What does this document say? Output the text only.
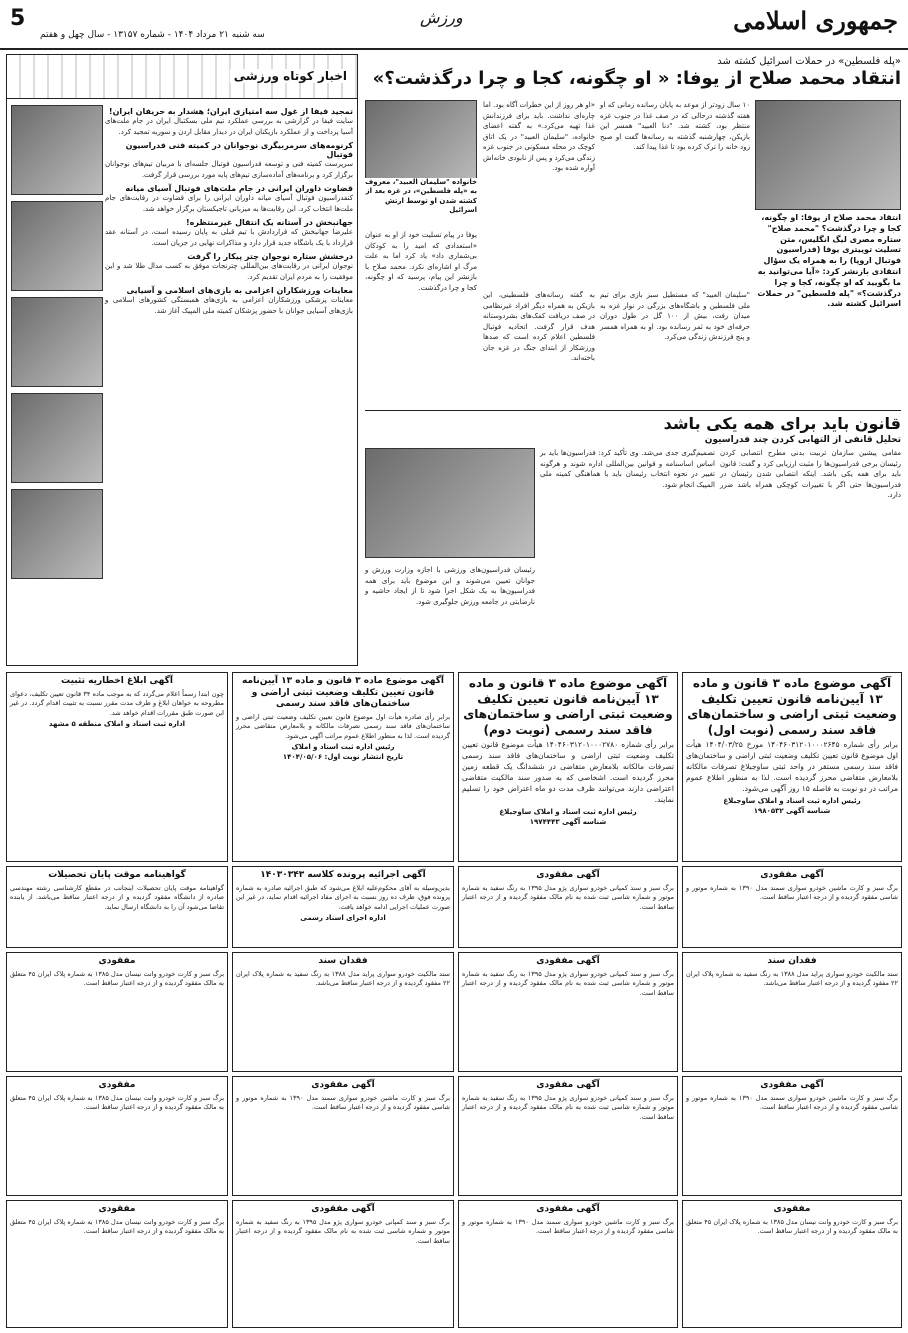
جمهوری اسلامی
ورزش
5
سه شنبه ۲۱ مرداد ۱۴۰۴ - شماره ۱۳۱۵۷ - سال چهل و هفتم
«پله فلسطین» در حملات اسرائیل کشته شد
انتقاد محمد صلاح از یوفا: « او چگونه، کجا و چرا درگذشت؟»
انتقاد محمد صلاح از یوفا: او چگونه، کجا و چرا درگذشت؟ "محمد صلاح" ستاره مصری لیگ انگلیس، متن تسلیت توییتری یوفا (فدراسیون فوتبال اروپا) را به همراه یک سؤال انتقادی بازنشر کرد: «آیا می‌توانید به ما بگویید که او چگونه، کجا و چرا درگذشت؟» "پله فلسطین" در حملات اسرائیل کشته شد.
۱۰ سال زودتر از موعد به پایان رسانده زمانی که او هفته گذشته درحالی که در صف غذا در جنوب غزه منتظر بود، کشته شد. "دنا العبید" همسر این بازیکن، چهارشنبه گذشته به رسانه‌ها گفت او صبح زود خانه را ترک کرده بود تا غذا پیدا کند.
«او هر روز از این خطرات آگاه بود. اما چاره‌ای نداشت. باید برای فرزندانش غذا تهیه می‌کرد.» به گفته اعضای خانواده، "سلیمان العبید" در یک اتاق کوچک در محله مسکونی در جنوب غزه زندگی می‌کرد و پس از نابودی خانه‌اش آواره شده بود.
"سلیمان العبید" که مستطیل سبز بازی برای تیم ملی فلسطین و باشگاه‌های بزرگی در نوار غزه به میدان رفت، بیش از ۱۰۰ گل در طول دوران حرفه‌ای خود به ثمر رسانده بود. او به همراه همسر و پنج فرزندش زندگی می‌کرد.
به گفته رسانه‌های فلسطینی، این بازیکن به همراه دیگر افراد غیرنظامی در صف دریافت کمک‌های بشردوستانه هدف قرار گرفت. اتحادیه فوتبال فلسطین اعلام کرده است که صدها ورزشکار از ابتدای جنگ در غزه جان باخته‌اند.
یوفا در پیام تسلیت خود از او به عنوان «استعدادی که امید را به کودکان بی‌شماری داد» یاد کرد اما به علت مرگ او اشاره‌ای نکرد. محمد صلاح با بازنشر این پیام، پرسید که او چگونه، کجا و چرا درگذشت.
خانواده "سلیمان العبید"، معروف به «پله فلسطین»، در غزه بعد از کشته شدن او توسط ارتش اسرائیل
قانون باید برای همه یکی باشد
تحلیل قانفی از التهابی کردن چند فدراسیون
مقامی پیشین سازمان تربیت بدنی مطرح انتصابی کردن رئیسان برخی فدراسیون‌ها را مثبت ارزیابی کرد و گفت: قانون باید برای همه یکی باشد. اینکه انتصابی شدن رئیسان در فدراسیون‌ها حتی اگر با تغییرات کوچکی همراه باشد ضرر دارد.
تصمیم‌گیری جدی می‌شد. وی تأکید کرد: فدراسیون‌ها باید بر اساس اساسنامه و قوانین بین‌المللی اداره شوند و هرگونه تغییر در نحوه انتخاب رئیسان باید با هماهنگی کمیته ملی المپیک انجام شود.
رئیسان فدراسیون‌های ورزشی با اجازه وزارت ورزش و جوانان تعیین می‌شوند و این موضوع باید برای همه فدراسیون‌ها به یک شکل اجرا شود تا از ایجاد حاشیه و نارضایتی در جامعه ورزش جلوگیری شود.
اخبار کوتاه ورزشی
تمجید فیفا از غول سه امتیازی ایران؛ هشدار به حریفان ایران!
سایت فیفا در گزارشی به بررسی عملکرد تیم ملی بسکتبال ایران در جام ملت‌های آسیا پرداخت و از عملکرد بازیکنان ایران در دیدار مقابل اردن و سوریه تمجید کرد.
کرنومه‌های سرمربیگری نوجوانان در کمیته فنی فدراسیون فوتبال
سرپرست کمیته فنی و توسعه فدراسیون فوتبال جلسه‌ای با مربیان تیم‌های نوجوانان برگزار کرد و برنامه‌های آماده‌سازی تیم‌های پایه مورد بررسی قرار گرفت.
قضاوت داوران ایرانی در جام ملت‌های فوتبال آسیای میانه
کنفدراسیون فوتبال آسیای میانه داوران ایرانی را برای قضاوت در رقابت‌های جام ملت‌ها انتخاب کرد. این رقابت‌ها به میزبانی تاجیکستان برگزار خواهد شد.
جهانبخش در آستانه یک انتقال غیرمنتظره!
علیرضا جهانبخش که قراردادش با تیم قبلی به پایان رسیده است، در آستانه عقد قرارداد با یک باشگاه جدید قرار دارد و مذاکرات نهایی در جریان است.
درخشش ستاره نوجوان چتر پیکار را گرفت
نوجوان ایرانی در رقابت‌های بین‌المللی چترنجات موفق به کسب مدال طلا شد و این موفقیت را به مردم ایران تقدیم کرد.
معاینات ورزشکاران اعزامی به بازی‌های اسلامی و آسیایی
معاینات پزشکی ورزشکاران اعزامی به بازی‌های همبستگی کشورهای اسلامی و بازی‌های آسیایی جوانان با حضور پزشکان کمیته ملی المپیک آغاز شد.
آگهی موضوع ماده ۳ قانون و ماده ۱۳ آیین‌نامه قانون تعیین تکلیف وضعیت ثبتی اراضی و ساختمان‌های فاقد سند رسمی (نوبت اول)
برابر رأی شماره ۱۴۰۴۶۰۳۱۲۰۱۰۰۰۲۶۴۵ مورخ ۱۴۰۴/۰۳/۲۵ هیأت اول موضوع قانون تعیین تکلیف وضعیت ثبتی اراضی و ساختمان‌های فاقد سند رسمی مستقر در واحد ثبتی ساوجبلاغ تصرفات مالکانه بلامعارض متقاضی محرز گردیده است. لذا به منظور اطلاع عموم مراتب در دو نوبت به فاصله ۱۵ روز آگهی می‌شود.
رئیس اداره ثبت اسناد و املاک ساوجبلاغ
شناسه آگهی ۱۹۸۰۵۳۲
آگهی موضوع ماده ۳ قانون و ماده ۱۳ آیین‌نامه قانون تعیین تکلیف وضعیت ثبتی اراضی و ساختمان‌های فاقد سند رسمی (نوبت دوم)
برابر رأی شماره ۱۴۰۴۶۰۳۱۲۰۱۰۰۰۲۷۸۰ هیأت موضوع قانون تعیین تکلیف وضعیت ثبتی اراضی و ساختمان‌های فاقد سند رسمی تصرفات مالکانه بلامعارض متقاضی در ششدانگ یک قطعه زمین محرز گردیده است. اشخاصی که به صدور سند مالکیت متقاضی اعتراضی دارند می‌توانند ظرف مدت دو ماه اعتراض خود را تسلیم نمایند.
رئیس اداره ثبت اسناد و املاک ساوجبلاغ
شناسه آگهی ۱۹۷۴۴۴۳
آگهی موضوع ماده ۳ قانون و ماده ۱۳ آیین‌نامه قانون تعیین تکلیف وضعیت ثبتی اراضی و ساختمان‌های فاقد سند رسمی
برابر رأی صادره هیأت اول موضوع قانون تعیین تکلیف وضعیت ثبتی اراضی و ساختمان‌های فاقد سند رسمی تصرفات مالکانه و بلامعارض متقاضی محرز گردیده است. لذا به منظور اطلاع عموم مراتب آگهی می‌شود.
رئیس اداره ثبت اسناد و املاک
تاریخ انتشار نوبت اول: ۱۴۰۴/۰۵/۰۶
آگهی ابلاغ اخطاریه تثبیت
چون ابتدا رسماً اعلام می‌گردد که به موجب ماده ۳۴ قانون تعیین تکلیف، دعوای مطروحه به خواهان ابلاغ و ظرف مدت مقرر نسبت به تثبیت اقدام گردد. در غیر این صورت طبق مقررات اقدام خواهد شد.
اداره ثبت اسناد و املاک منطقه ۵ مشهد
آگهی اجرائیه پرونده کلاسه ۱۴۰۳۰۳۴۳
بدین‌وسیله به آقای محکوم‌علیه ابلاغ می‌شود که طبق اجرائیه صادره به شماره پرونده فوق، ظرف ده روز نسبت به اجرای مفاد اجرائیه اقدام نماید، در غیر این صورت عملیات اجرایی ادامه خواهد یافت.
اداره اجرای اسناد رسمی
گواهینامه موقت پایان تحصیلات
گواهینامه موقت پایان تحصیلات اینجانب در مقطع کارشناسی رشته مهندسی صادره از دانشگاه مفقود گردیده و از درجه اعتبار ساقط می‌باشد. از یابنده تقاضا می‌شود آن را به دانشگاه ارسال نماید.
آگهی مفقودی
برگ سبز و سند کمپانی خودرو سواری پژو مدل ۱۳۹۵ به رنگ سفید به شماره موتور و شماره شاسی ثبت شده به نام مالک مفقود گردیده و از درجه اعتبار ساقط است.
آگهی مفقودی
برگ سبز و کارت ماشین خودرو سواری سمند مدل ۱۳۹۰ به شماره موتور و شاسی مفقود گردیده و از درجه اعتبار ساقط است.
فقدان سند
سند مالکیت خودرو سواری پراید مدل ۱۳۸۸ به رنگ سفید به شماره پلاک ایران ۲۲ مفقود گردیده و از درجه اعتبار ساقط می‌باشد.
آگهی مفقودی
برگ سبز و سند کمپانی خودرو سواری پژو مدل ۱۳۹۵ به رنگ سفید به شماره موتور و شماره شاسی ثبت شده به نام مالک مفقود گردیده و از درجه اعتبار ساقط است.
فقدان سند
سند مالکیت خودرو سواری پراید مدل ۱۳۸۸ به رنگ سفید به شماره پلاک ایران ۲۲ مفقود گردیده و از درجه اعتبار ساقط می‌باشد.
مفقودی
برگ سبز و کارت خودرو وانت نیسان مدل ۱۳۸۵ به شماره پلاک ایران ۴۵ متعلق به مالک مفقود گردیده و از درجه اعتبار ساقط است.
آگهی مفقودی
برگ سبز و کارت ماشین خودرو سواری سمند مدل ۱۳۹۰ به شماره موتور و شاسی مفقود گردیده و از درجه اعتبار ساقط است.
آگهی مفقودی
برگ سبز و سند کمپانی خودرو سواری پژو مدل ۱۳۹۵ به رنگ سفید به شماره موتور و شماره شاسی ثبت شده به نام مالک مفقود گردیده و از درجه اعتبار ساقط است.
آگهی مفقودی
برگ سبز و کارت ماشین خودرو سواری سمند مدل ۱۳۹۰ به شماره موتور و شاسی مفقود گردیده و از درجه اعتبار ساقط است.
مفقودی
برگ سبز و کارت خودرو وانت نیسان مدل ۱۳۸۵ به شماره پلاک ایران ۴۵ متعلق به مالک مفقود گردیده و از درجه اعتبار ساقط است.
مفقودی
برگ سبز و کارت خودرو وانت نیسان مدل ۱۳۸۵ به شماره پلاک ایران ۴۵ متعلق به مالک مفقود گردیده و از درجه اعتبار ساقط است.
آگهی مفقودی
برگ سبز و کارت ماشین خودرو سواری سمند مدل ۱۳۹۰ به شماره موتور و شاسی مفقود گردیده و از درجه اعتبار ساقط است.
آگهی مفقودی
برگ سبز و سند کمپانی خودرو سواری پژو مدل ۱۳۹۵ به رنگ سفید به شماره موتور و شماره شاسی ثبت شده به نام مالک مفقود گردیده و از درجه اعتبار ساقط است.
مفقودی
برگ سبز و کارت خودرو وانت نیسان مدل ۱۳۸۵ به شماره پلاک ایران ۴۵ متعلق به مالک مفقود گردیده و از درجه اعتبار ساقط است.
